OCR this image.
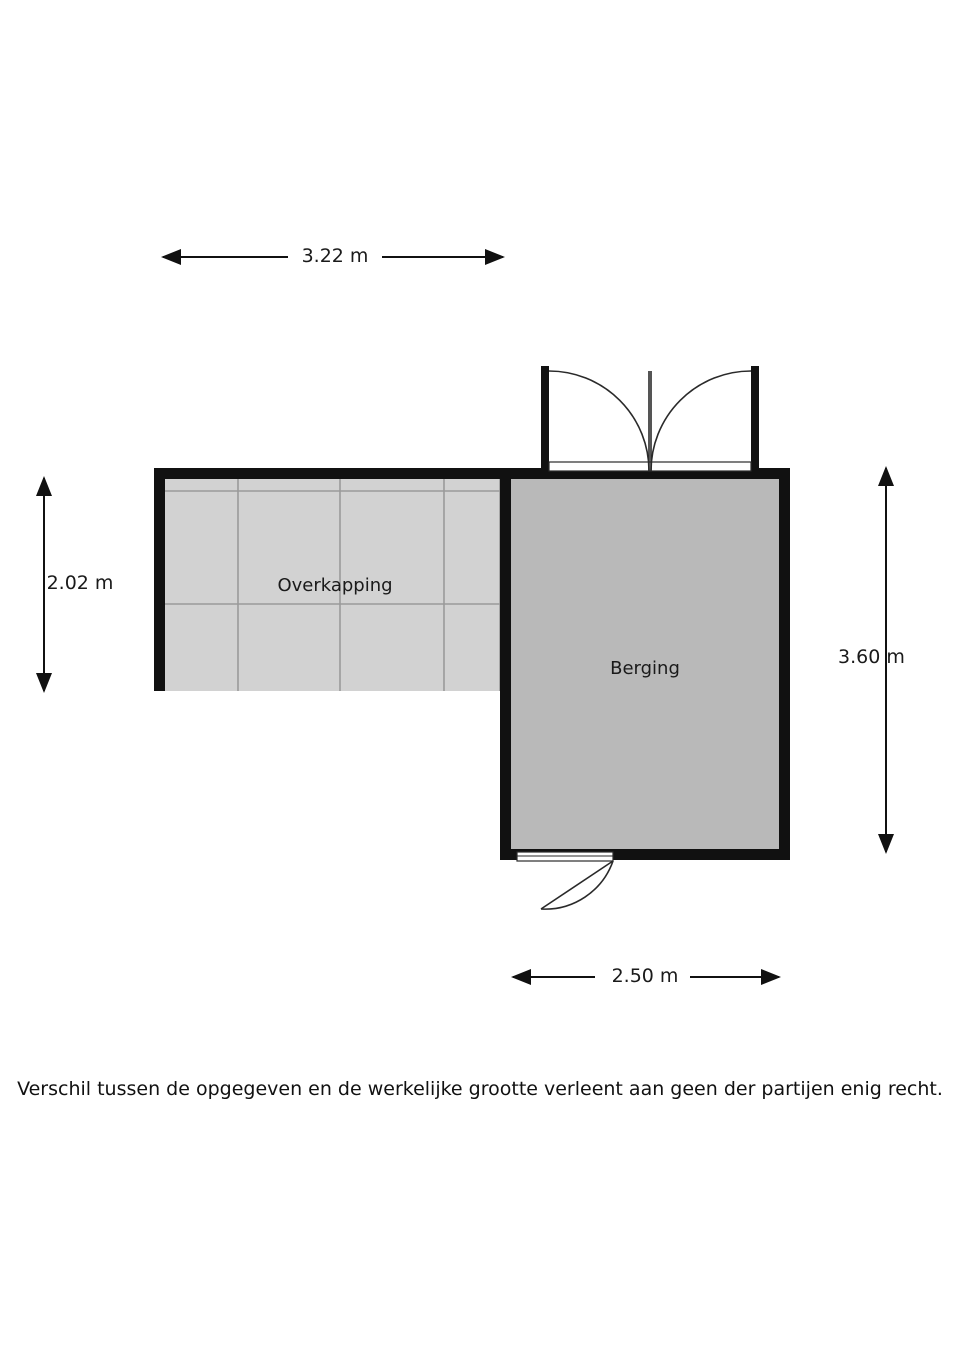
Overkapping
Berging
3.22 m
2.02 m
3.60 m
2.50 m
Verschil tussen de opgegeven en de werkelijke grootte verleent aan geen der partijen enig recht.
